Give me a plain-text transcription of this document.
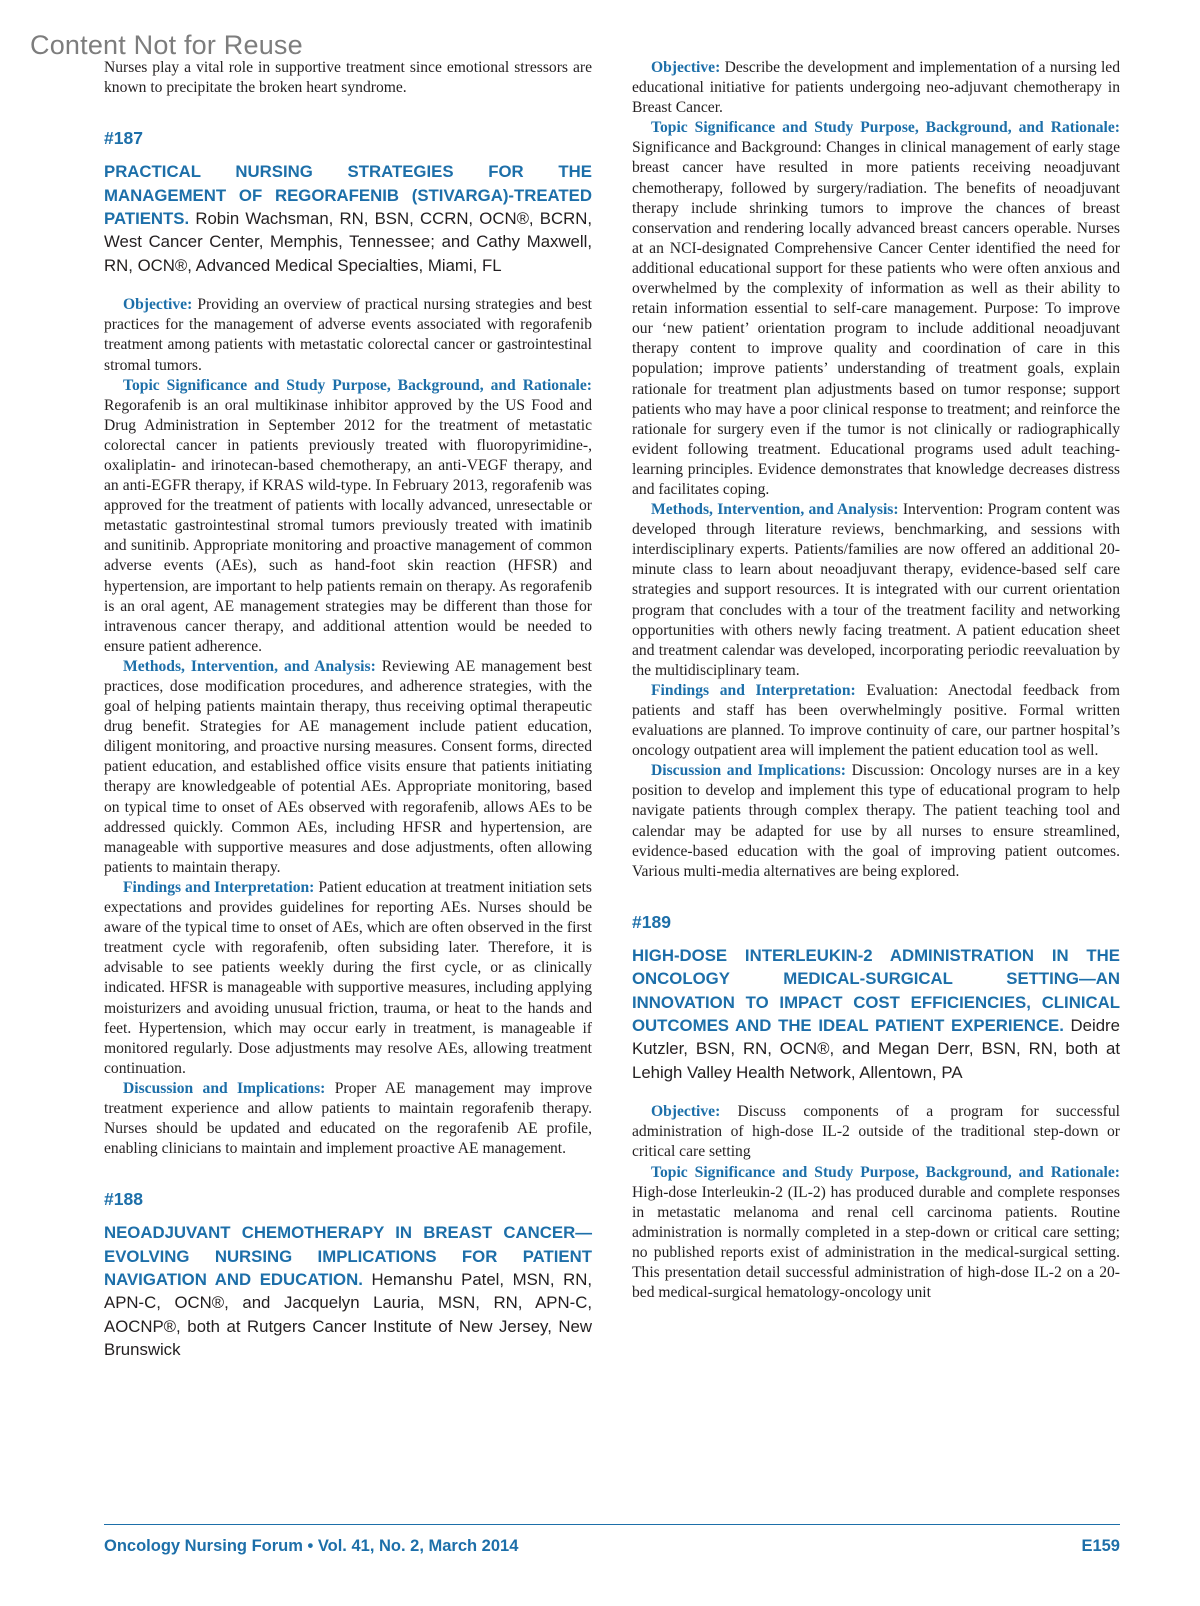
Content Not for Reuse

Nurses play a vital role in supportive treatment since emotional stressors are known to precipitate the broken heart syndrome.

#187

PRACTICAL NURSING STRATEGIES FOR THE MANAGEMENT OF REGORAFENIB (STIVARGA)-TREATED PATIENTS. Robin Wachsman, RN, BSN, CCRN, OCN®, BCRN, West Cancer Center, Memphis, Tennessee; and Cathy Maxwell, RN, OCN®, Advanced Medical Specialties, Miami, FL

Objective: Providing an overview of practical nursing strategies and best practices for the management of adverse events associated with regorafenib treatment among patients with metastatic colorectal cancer or gastrointestinal stromal tumors.

Topic Significance and Study Purpose, Background, and Rationale: Regorafenib is an oral multikinase inhibitor approved by the US Food and Drug Administration in September 2012 for the treatment of metastatic colorectal cancer in patients previously treated with fluoropyrimidine-, oxaliplatin- and irinotecan-based chemotherapy, an anti-VEGF therapy, and an anti-EGFR therapy, if KRAS wild-type. In February 2013, regorafenib was approved for the treatment of patients with locally advanced, unresectable or metastatic gastrointestinal stromal tumors previously treated with imatinib and sunitinib. Appropriate monitoring and proactive management of common adverse events (AEs), such as hand-foot skin reaction (HFSR) and hypertension, are important to help patients remain on therapy. As regorafenib is an oral agent, AE management strategies may be different than those for intravenous cancer therapy, and additional attention would be needed to ensure patient adherence.

Methods, Intervention, and Analysis: Reviewing AE management best practices, dose modification procedures, and adherence strategies, with the goal of helping patients maintain therapy, thus receiving optimal therapeutic drug benefit. Strategies for AE management include patient education, diligent monitoring, and proactive nursing measures. Consent forms, directed patient education, and established office visits ensure that patients initiating therapy are knowledgeable of potential AEs. Appropriate monitoring, based on typical time to onset of AEs observed with regorafenib, allows AEs to be addressed quickly. Common AEs, including HFSR and hypertension, are manageable with supportive measures and dose adjustments, often allowing patients to maintain therapy.

Findings and Interpretation: Patient education at treatment initiation sets expectations and provides guidelines for reporting AEs. Nurses should be aware of the typical time to onset of AEs, which are often observed in the first treatment cycle with regorafenib, often subsiding later. Therefore, it is advisable to see patients weekly during the first cycle, or as clinically indicated. HFSR is manageable with supportive measures, including applying moisturizers and avoiding unusual friction, trauma, or heat to the hands and feet. Hypertension, which may occur early in treatment, is manageable if monitored regularly. Dose adjustments may resolve AEs, allowing treatment continuation.

Discussion and Implications: Proper AE management may improve treatment experience and allow patients to maintain regorafenib therapy. Nurses should be updated and educated on the regorafenib AE profile, enabling clinicians to maintain and implement proactive AE management.

#188

NEOADJUVANT CHEMOTHERAPY IN BREAST CANCER—EVOLVING NURSING IMPLICATIONS FOR PATIENT NAVIGATION AND EDUCATION. Hemanshu Patel, MSN, RN, APN-C, OCN®, and Jacquelyn Lauria, MSN, RN, APN-C, AOCNP®, both at Rutgers Cancer Institute of New Jersey, New Brunswick

Objective: Describe the development and implementation of a nursing led educational initiative for patients undergoing neo-adjuvant chemotherapy in Breast Cancer.

Topic Significance and Study Purpose, Background, and Rationale: Significance and Background: Changes in clinical management of early stage breast cancer have resulted in more patients receiving neoadjuvant chemotherapy, followed by surgery/radiation. The benefits of neoadjuvant therapy include shrinking tumors to improve the chances of breast conservation and rendering locally advanced breast cancers operable. Nurses at an NCI-designated Comprehensive Cancer Center identified the need for additional educational support for these patients who were often anxious and overwhelmed by the complexity of information as well as their ability to retain information essential to self-care management. Purpose: To improve our ‘new patient’ orientation program to include additional neoadjuvant therapy content to improve quality and coordination of care in this population; improve patients’ understanding of treatment goals, explain rationale for treatment plan adjustments based on tumor response; support patients who may have a poor clinical response to treatment; and reinforce the rationale for surgery even if the tumor is not clinically or radiographically evident following treatment. Educational programs used adult teaching-learning principles. Evidence demonstrates that knowledge decreases distress and facilitates coping.

Methods, Intervention, and Analysis: Intervention: Program content was developed through literature reviews, benchmarking, and sessions with interdisciplinary experts. Patients/families are now offered an additional 20-minute class to learn about neoadjuvant therapy, evidence-based self care strategies and support resources. It is integrated with our current orientation program that concludes with a tour of the treatment facility and networking opportunities with others newly facing treatment. A patient education sheet and treatment calendar was developed, incorporating periodic reevaluation by the multidisciplinary team.

Findings and Interpretation: Evaluation: Anectodal feedback from patients and staff has been overwhelmingly positive. Formal written evaluations are planned. To improve continuity of care, our partner hospital’s oncology outpatient area will implement the patient education tool as well.

Discussion and Implications: Discussion: Oncology nurses are in a key position to develop and implement this type of educational program to help navigate patients through complex therapy. The patient teaching tool and calendar may be adapted for use by all nurses to ensure streamlined, evidence-based education with the goal of improving patient outcomes. Various multi-media alternatives are being explored.

#189

HIGH-DOSE INTERLEUKIN-2 ADMINISTRATION IN THE ONCOLOGY MEDICAL-SURGICAL SETTING—AN INNOVATION TO IMPACT COST EFFICIENCIES, CLINICAL OUTCOMES AND THE IDEAL PATIENT EXPERIENCE. Deidre Kutzler, BSN, RN, OCN®, and Megan Derr, BSN, RN, both at Lehigh Valley Health Network, Allentown, PA

Objective: Discuss components of a program for successful administration of high-dose IL-2 outside of the traditional step-down or critical care setting

Topic Significance and Study Purpose, Background, and Rationale: High-dose Interleukin-2 (IL-2) has produced durable and complete responses in metastatic melanoma and renal cell carcinoma patients. Routine administration is normally completed in a step-down or critical care setting; no published reports exist of administration in the medical-surgical setting. This presentation detail successful administration of high-dose IL-2 on a 20-bed medical-surgical hematology-oncology unit

Oncology Nursing Forum • Vol. 41, No. 2, March 2014	E159
